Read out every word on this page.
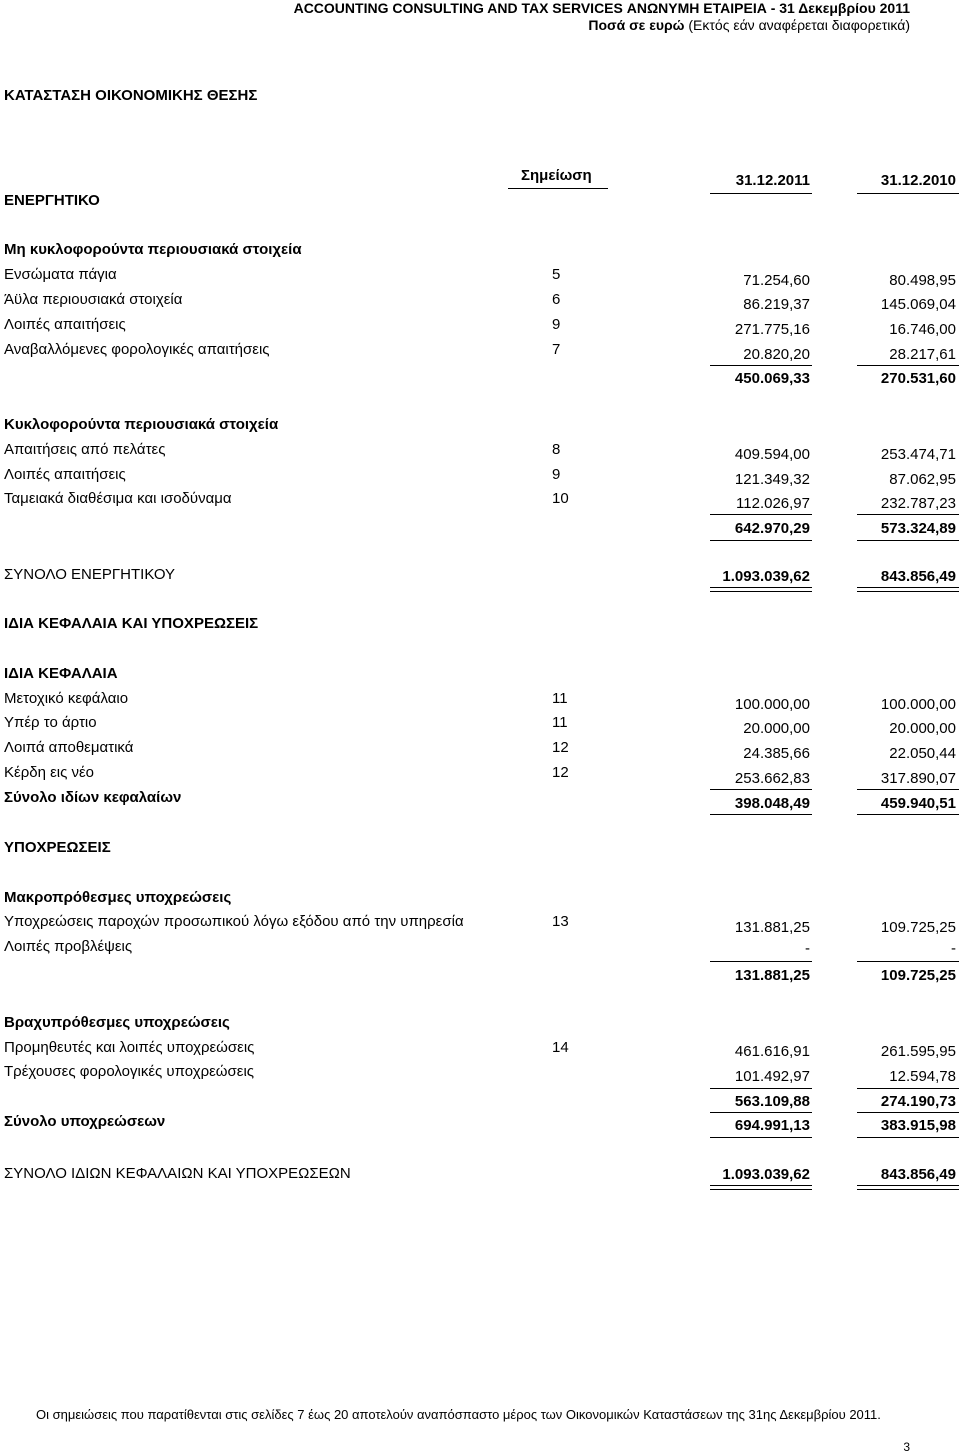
ACCOUNTING CONSULTING AND TAX SERVICES ΑΝΩΝΥΜΗ ΕΤΑΙΡΕΙΑ - 31 Δεκεμβρίου 2011
Ποσά σε ευρώ (Εκτός εάν αναφέρεται διαφορετικά)
ΚΑΤΑΣΤΑΣΗ ΟΙΚΟΝΟΜΙΚΗΣ ΘΕΣΗΣ
ΕΝΕΡΓΗΤΙΚΟ
Σημείωση	31.12.2011	31.12.2010
Μη κυκλοφορούντα περιουσιακά στοιχεία
Ενσώματα πάγια	5	71.254,60	80.498,95
Άϋλα περιουσιακά στοιχεία	6	86.219,37	145.069,04
Λοιπές απαιτήσεις	9	271.775,16	16.746,00
Αναβαλλόμενες φορολογικές απαιτήσεις	7	20.820,20	28.217,61
450.069,33	270.531,60
Κυκλοφορούντα περιουσιακά στοιχεία
Απαιτήσεις από πελάτες	8	409.594,00	253.474,71
Λοιπές απαιτήσεις	9	121.349,32	87.062,95
Ταμειακά διαθέσιμα και ισοδύναμα	10	112.026,97	232.787,23
642.970,29	573.324,89
ΣΥΝΟΛΟ ΕΝΕΡΓΗΤΙΚΟΥ	1.093.039,62	843.856,49
ΙΔΙΑ ΚΕΦΑΛΑΙΑ ΚΑΙ ΥΠΟΧΡΕΩΣΕΙΣ
ΙΔΙΑ ΚΕΦΑΛΑΙΑ
Μετοχικό κεφάλαιο	11	100.000,00	100.000,00
Υπέρ το άρτιο	11	20.000,00	20.000,00
Λοιπά αποθεματικά	12	24.385,66	22.050,44
Κέρδη εις νέο	12	253.662,83	317.890,07
Σύνολο ιδίων κεφαλαίων	398.048,49	459.940,51
ΥΠΟΧΡΕΩΣΕΙΣ
Μακροπρόθεσμες υποχρεώσεις
Υποχρεώσεις παροχών προσωπικού λόγω εξόδου από την υπηρεσία	13	131.881,25	109.725,25
Λοιπές προβλέψεις	-	-
131.881,25	109.725,25
Βραχυπρόθεσμες υποχρεώσεις
Προμηθευτές και λοιπές υποχρεώσεις	14	461.616,91	261.595,95
Τρέχουσες φορολογικές υποχρεώσεις	101.492,97	12.594,78
563.109,88	274.190,73
Σύνολο υποχρεώσεων	694.991,13	383.915,98
ΣΥΝΟΛΟ ΙΔΙΩΝ ΚΕΦΑΛΑΙΩΝ ΚΑΙ ΥΠΟΧΡΕΩΣΕΩΝ	1.093.039,62	843.856,49
Οι σημειώσεις που παρατίθενται στις σελίδες 7 έως 20 αποτελούν αναπόσπαστο μέρος των Οικονομικών Καταστάσεων της 31ης Δεκεμβρίου 2011.
3
